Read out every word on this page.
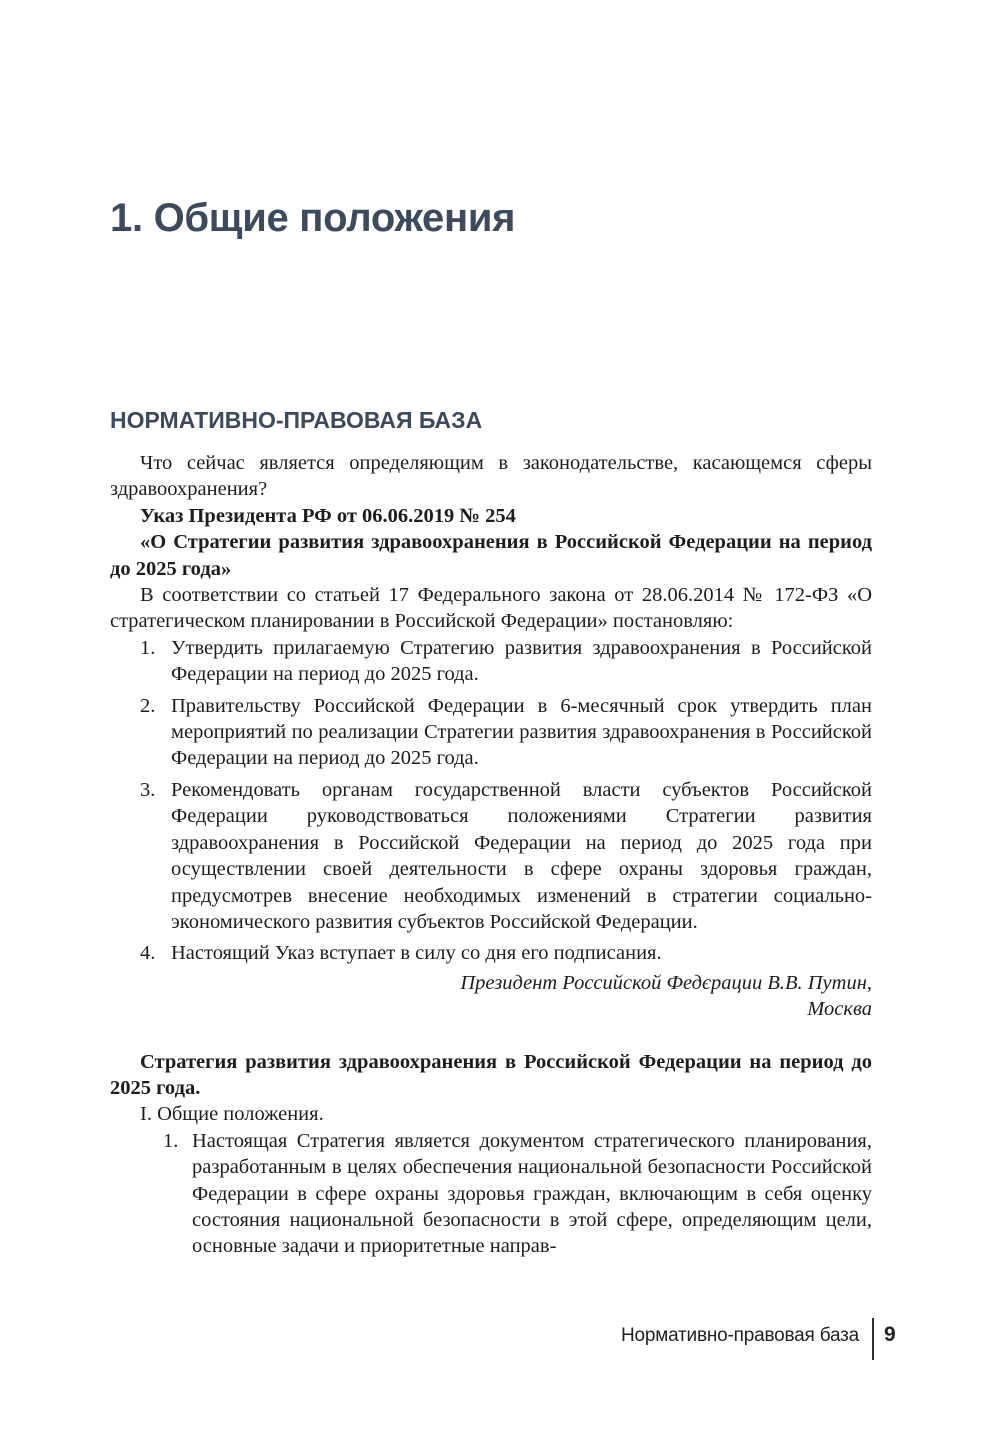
1. Общие положения
НОРМАТИВНО-ПРАВОВАЯ БАЗА

Что сейчас является определяющим в законодательстве, касающемся сферы здравоохранения?

Указ Президента РФ от 06.06.2019 № 254

«О Стратегии развития здравоохранения в Российской Федерации на период до 2025 года»

В соответствии со статьей 17 Федерального закона от 28.06.2014 № 172-ФЗ «О стратегическом планировании в Российской Федерации» постановляю:

1. Утвердить прилагаемую Стратегию развития здравоохранения в Российской Федерации на период до 2025 года.
2. Правительству Российской Федерации в 6-месячный срок утвердить план мероприятий по реализации Стратегии развития здравоохранения в Российской Федерации на период до 2025 года.
3. Рекомендовать органам государственной власти субъектов Российской Федерации руководствоваться положениями Стратегии развития здравоохранения в Российской Федерации на период до 2025 года при осуществлении своей деятельности в сфере охраны здоровья граждан, предусмотрев внесение необходимых изменений в стратегии социально-экономического развития субъектов Российской Федерации.
4. Настоящий Указ вступает в силу со дня его подписания.

Президент Российской Федєрации В.В. Путин,

Москва

Стратегия развития здравоохранения в Российской Федерации на период до 2025 года.

I. Общие положения.

1. Настоящая Стратегия является документом стратегического планирования, разработанным в целях обеспечения национальной безопасности Российской Федерации в сфере охраны здоровья граждан, включающим в себя оценку состояния национальной безопасности в этой сфере, определяющим цели, основные задачи и приоритетные направ-

Нормативно-правовая база 9
